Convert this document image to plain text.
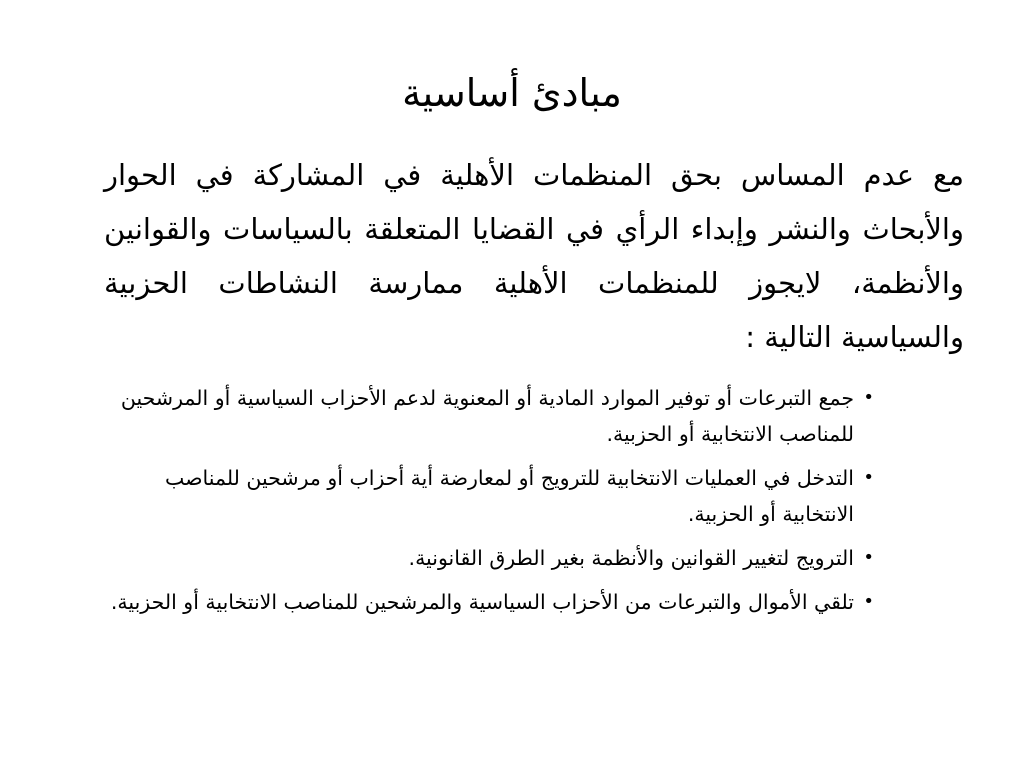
مبادئ أساسية

مع عدم المساس بحق المنظمات الأهلية في المشاركة في الحوار والأبحاث والنشر وإبداء الرأي في القضايا المتعلقة بالسياسات والقوانين والأنظمة، لايجوز للمنظمات الأهلية ممارسة النشاطات الحزبية والسياسية التالية :

•
جمع التبرعات أو توفير الموارد المادية أو المعنوية لدعم الأحزاب السياسية أو المرشحين للمناصب الانتخابية أو الحزبية.
•
التدخل في العمليات الانتخابية للترويج أو لمعارضة أية أحزاب أو مرشحين للمناصب الانتخابية أو الحزبية.
•
الترويج لتغيير القوانين والأنظمة بغير الطرق القانونية.
•
تلقي الأموال والتبرعات من الأحزاب السياسية والمرشحين للمناصب الانتخابية أو الحزبية.
